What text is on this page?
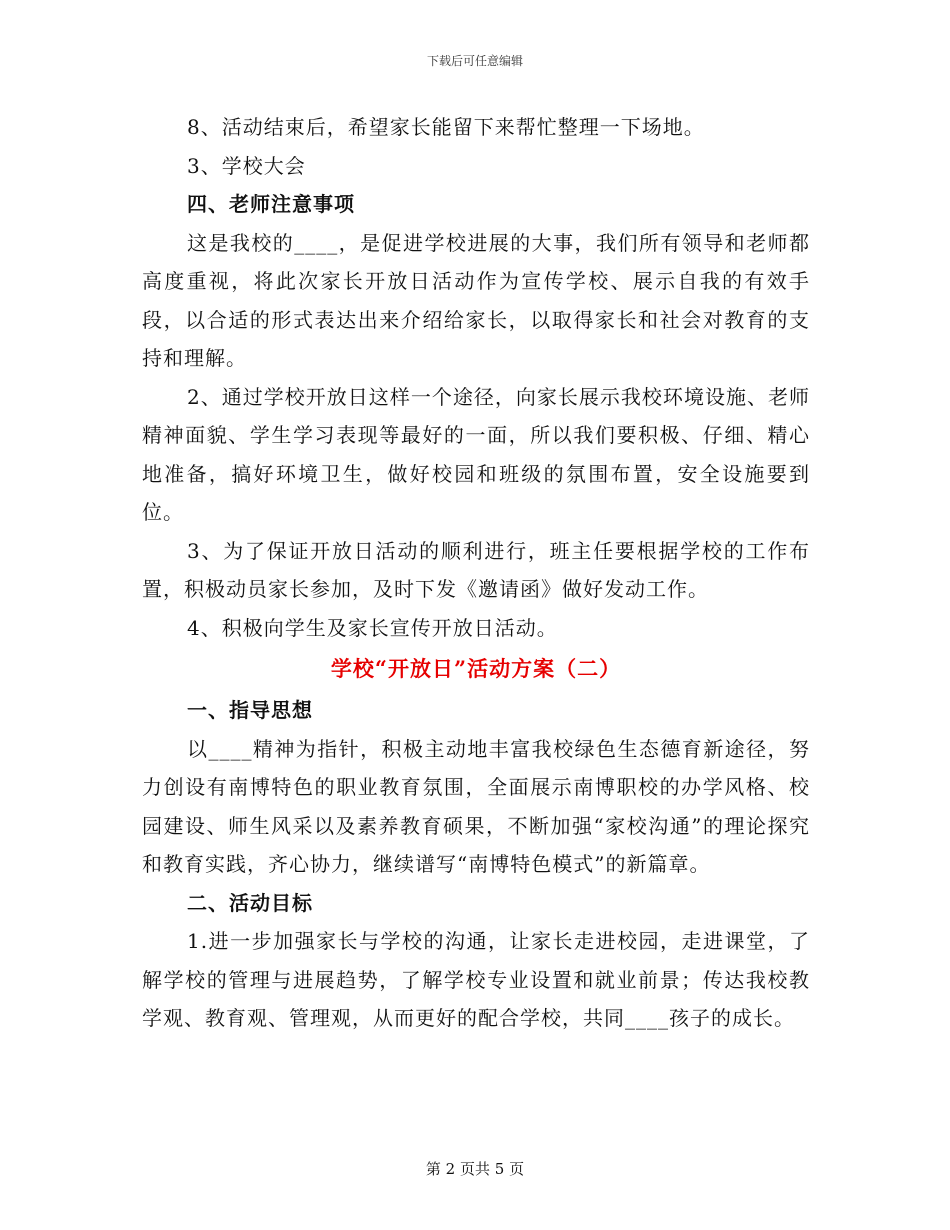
下载后可任意编辑

8、活动结束后，希望家长能留下来帮忙整理一下场地。

3、学校大会

四、老师注意事项

这是我校的____，是促进学校进展的大事，我们所有领导和老师都高度重视，将此次家长开放日活动作为宣传学校、展示自我的有效手段，以合适的形式表达出来介绍给家长，以取得家长和社会对教育的支持和理解。

2、通过学校开放日这样一个途径，向家长展示我校环境设施、老师精神面貌、学生学习表现等最好的一面，所以我们要积极、仔细、精心地准备，搞好环境卫生，做好校园和班级的氛围布置，安全设施要到位。

3、为了保证开放日活动的顺利进行，班主任要根据学校的工作布置，积极动员家长参加，及时下发《邀请函》做好发动工作。

4、积极向学生及家长宣传开放日活动。

学校“开放日”活动方案（二）

一、指导思想

以____精神为指针，积极主动地丰富我校绿色生态德育新途径，努力创设有南博特色的职业教育氛围，全面展示南博职校的办学风格、校园建设、师生风采以及素养教育硕果，不断加强“家校沟通”的理论探究和教育实践，齐心协力，继续谱写“南博特色模式”的新篇章。

二、活动目标

1.进一步加强家长与学校的沟通，让家长走进校园，走进课堂，了解学校的管理与进展趋势，了解学校专业设置和就业前景；传达我校教学观、教育观、管理观，从而更好的配合学校，共同____孩子的成长。

第 2 页共 5 页
